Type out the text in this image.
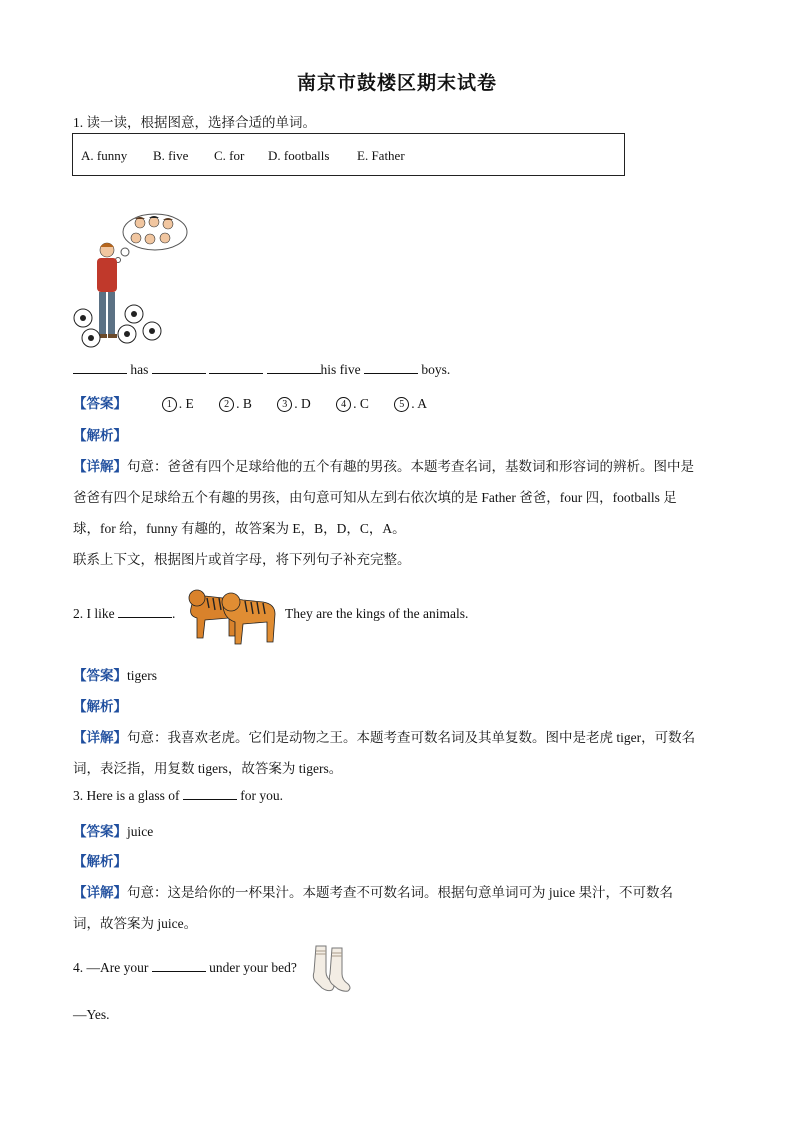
南京市鼓楼区期末试卷
1. 读一读，根据图意，选择合适的单词。
A. funny B. five C. for D. footballs E. Father
has	his five	boys.
【答案】	1 . E	2 . B	3 . D	4 . C	5 . A
【解析】
【详解】句意：爸爸有四个足球给他的五个有趣的男孩。本题考查名词，基数词和形容词的辨析。图中是
爸爸有四个足球给五个有趣的男孩，由句意可知从左到右依次填的是 Father 爸爸，four 四，footballs 足
球，for 给，funny 有趣的，故答案为 E，B，D，C，A。
联系上下文，根据图片或首字母，将下列句子补充完整。
2. I like	.	They are the kings of the animals.
【答案】tigers
【解析】
【详解】句意：我喜欢老虎。它们是动物之王。本题考查可数名词及其单复数。图中是老虎 tiger，可数名
词，表泛指，用复数 tigers，故答案为 tigers。
3. Here is a glass of	for you.
【答案】juice
【解析】
【详解】句意：这是给你的一杯果汁。本题考查不可数名词。根据句意单词可为 juice 果汁，不可数名
词，故答案为 juice。
4. —Are your	under your bed?
—Yes.
